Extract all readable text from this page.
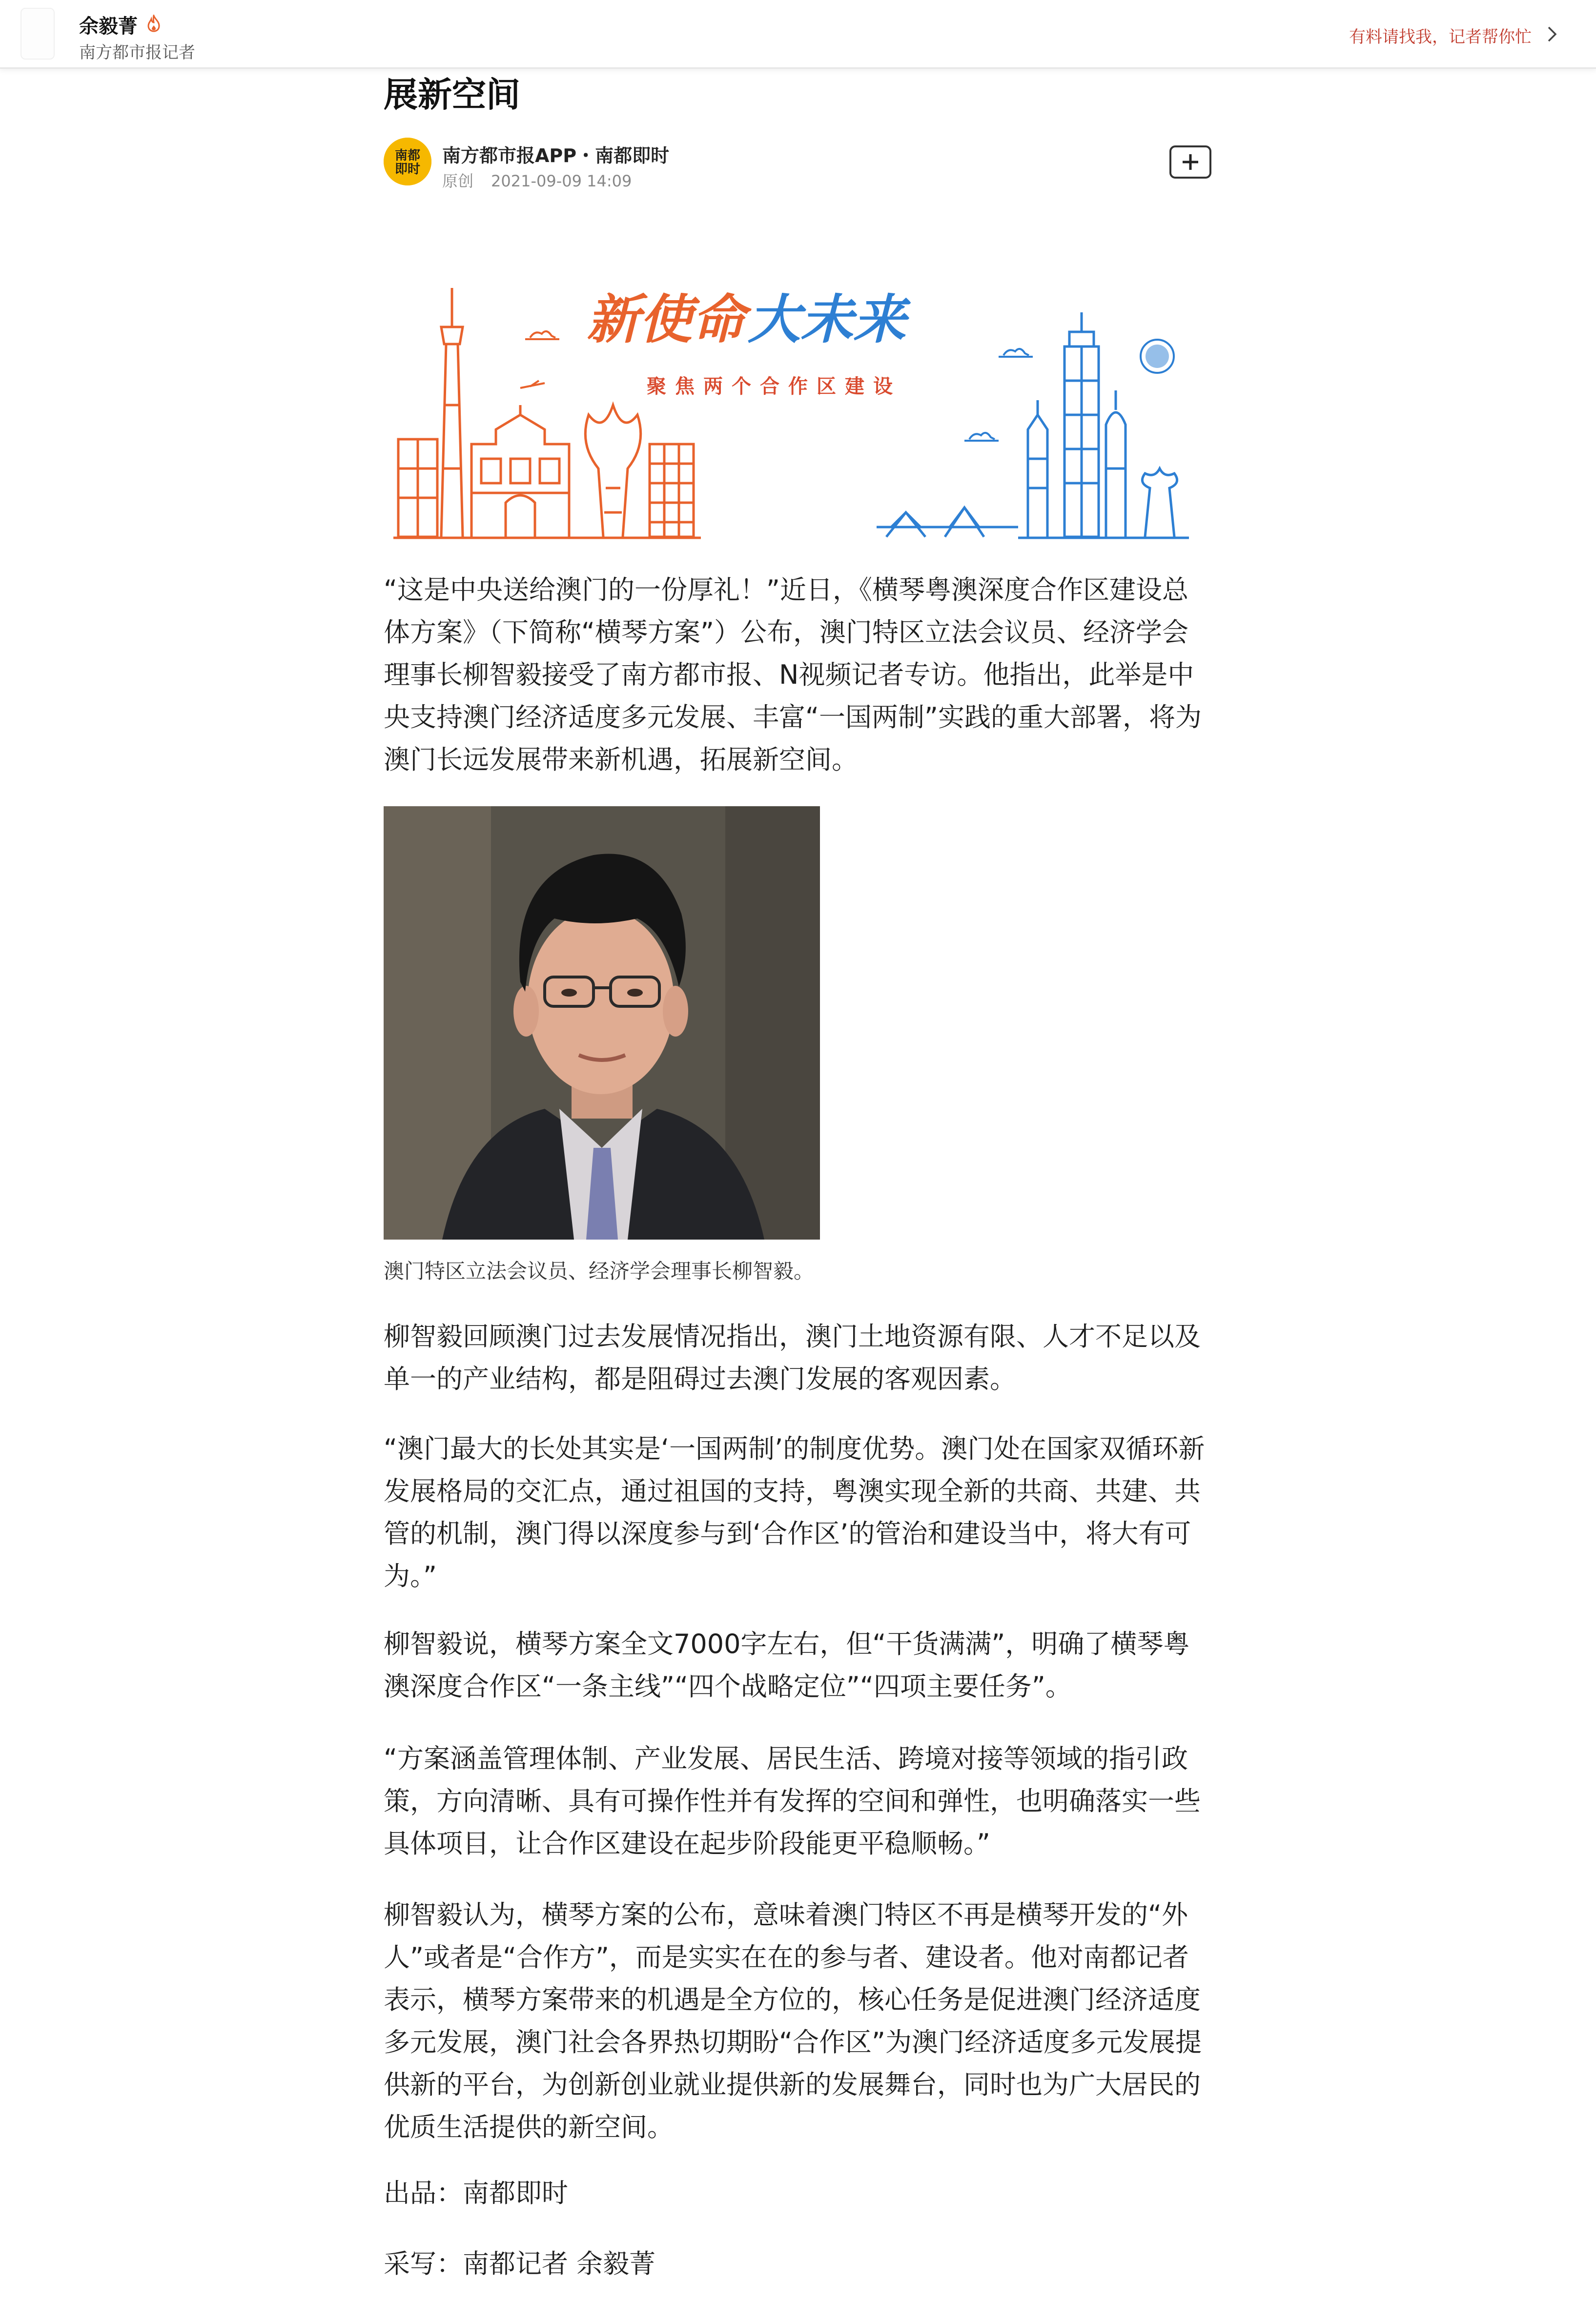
余毅菁
南方都市报记者
有料请找我，记者帮你忙
展新空间
南都
即时
南方都市报APP・南都即时
原创 2021-09-09 14:09
新使命 大未来
聚焦两个合作区建设

“这是中央送给澳门的一份厚礼！”近日，《横琴粤澳深度合作区建设总体方案》（下简称“横琴方案”）公布，澳门特区立法会议员、经济学会理事长柳智毅接受了南方都市报、N视频记者专访。他指出，此举是中央支持澳门经济适度多元发展、丰富“一国两制”实践的重大部署，将为澳门长远发展带来新机遇，拓展新空间。

澳门特区立法会议员、经济学会理事长柳智毅。

柳智毅回顾澳门过去发展情况指出，澳门土地资源有限、人才不足以及单一的产业结构，都是阻碍过去澳门发展的客观因素。

“澳门最大的长处其实是‘一国两制’的制度优势。澳门处在国家双循环新发展格局的交汇点，通过祖国的支持，粤澳实现全新的共商、共建、共管的机制，澳门得以深度参与到‘合作区’的管治和建设当中，将大有可为。”

柳智毅说，横琴方案全文7000字左右，但“干货满满”，明确了横琴粤澳深度合作区“一条主线”“四个战略定位”“四项主要任务”。

“方案涵盖管理体制、产业发展、居民生活、跨境对接等领域的指引政策，方向清晰、具有可操作性并有发挥的空间和弹性，也明确落实一些具体项目，让合作区建设在起步阶段能更平稳顺畅。”

柳智毅认为，横琴方案的公布，意味着澳门特区不再是横琴开发的“外人”或者是“合作方”，而是实实在在的参与者、建设者。他对南都记者表示，横琴方案带来的机遇是全方位的，核心任务是促进澳门经济适度多元发展，澳门社会各界热切期盼“合作区”为澳门经济适度多元发展提供新的平台，为创新创业就业提供新的发展舞台，同时也为广大居民的优质生活提供的新空间。

出品：南都即时

采写：南都记者 余毅菁
